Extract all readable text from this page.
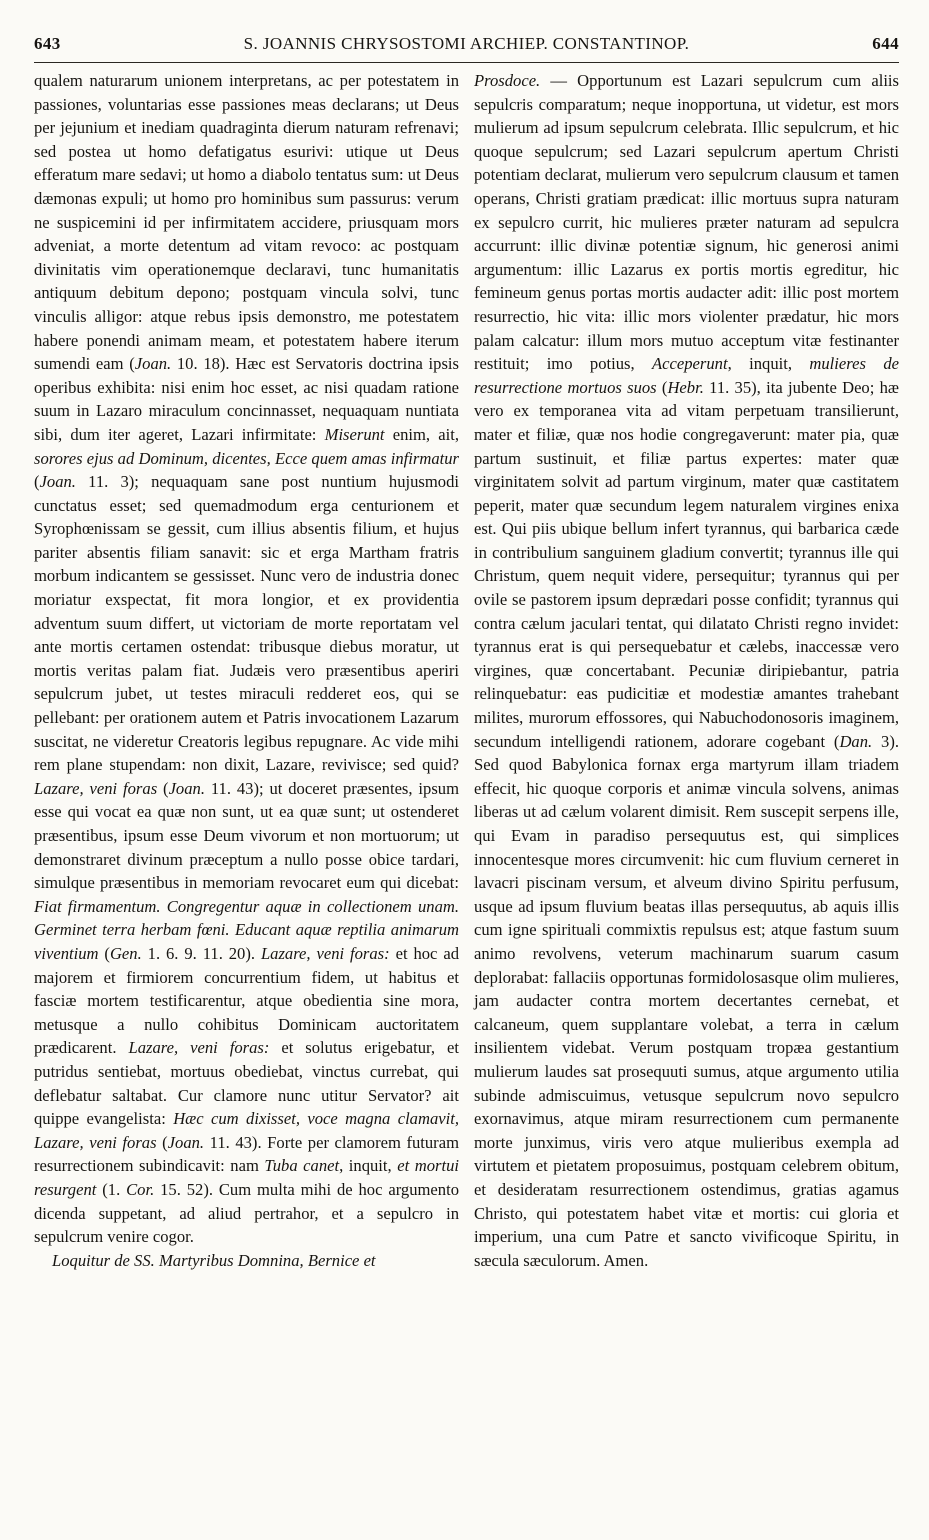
643	S. JOANNIS CHRYSOSTOMI ARCHIEP. CONSTANTINOP.	644

qualem naturarum unionem interpretans, ac per potestatem in passiones, voluntarias esse passiones meas declarans; ut Deus per jejunium et inediam quadraginta dierum naturam refrenavi; sed postea ut homo defatigatus esurivi: utique ut Deus efferatum mare sedavi; ut homo a diabolo tentatus sum: ut Deus dæmonas expuli; ut homo pro hominibus sum passurus: verum ne suspicemini id per infirmitatem accidere, priusquam mors adveniat, a morte detentum ad vitam revoco: ac postquam divinitatis vim operationemque declaravi, tunc humanitatis antiquum debitum depono; postquam vincula solvi, tunc vinculis alligor: atque rebus ipsis demonstro, me potestatem habere ponendi animam meam, et potestatem habere iterum sumendi eam (Joan. 10. 18). Hæc est Servatoris doctrina ipsis operibus exhibita: nisi enim hoc esset, ac nisi quadam ratione suum in Lazaro miraculum concinnasset, nequaquam nuntiata sibi, dum iter ageret, Lazari infirmitate: Miserunt enim, ait, sorores ejus ad Dominum, dicentes, Ecce quem amas infirmatur (Joan. 11. 3); nequaquam sane post nuntium hujusmodi cunctatus esset; sed quemadmodum erga centurionem et Syrophœnissam se gessit, cum illius absentis filium, et hujus pariter absentis filiam sanavit: sic et erga Martham fratris morbum indicantem se gessisset. Nunc vero de industria donec moriatur exspectat, fit mora longior, et ex providentia adventum suum differt, ut victoriam de morte reportatam vel ante mortis certamen ostendat: tribusque diebus moratur, ut mortis veritas palam fiat. Judæis vero præsentibus aperiri sepulcrum jubet, ut testes miraculi redderet eos, qui se pellebant: per orationem autem et Patris invocationem Lazarum suscitat, ne videretur Creatoris legibus repugnare. Ac vide mihi rem plane stupendam: non dixit, Lazare, revivisce; sed quid? Lazare, veni foras (Joan. 11. 43); ut doceret præsentes, ipsum esse qui vocat ea quæ non sunt, ut ea quæ sunt; ut ostenderet præsentibus, ipsum esse Deum vivorum et non mortuorum; ut demonstraret divinum præceptum a nullo posse obice tardari, simulque præsentibus in memoriam revocaret eum qui dicebat: Fiat firmamentum. Congregentur aquæ in collectionem unam. Germinet terra herbam fœni. Educant aquæ reptilia animarum viventium (Gen. 1. 6. 9. 11. 20). Lazare, veni foras: et hoc ad majorem et firmiorem concurrentium fidem, ut habitus et fasciæ mortem testificarentur, atque obedientia sine mora, metusque a nullo cohibitus Dominicam auctoritatem prædicarent. Lazare, veni foras: et solutus erigebatur, et putridus sentiebat, mortuus obediebat, vinctus currebat, qui deflebatur saltabat. Cur clamore nunc utitur Servator? ait quippe evangelista: Hæc cum dixisset, voce magna clamavit, Lazare, veni foras (Joan. 11. 43). Forte per clamorem futuram resurrectionem subindicavit: nam Tuba canet, inquit, et mortui resurgent (1. Cor. 15. 52). Cum multa mihi de hoc argumento dicenda suppetant, ad aliud pertrahor, et a sepulcro in sepulcrum venire cogor.

Loquitur de SS. Martyribus Domnina, Bernice et

Prosdoce. — Opportunum est Lazari sepulcrum cum aliis sepulcris comparatum; neque inopportuna, ut videtur, est mors mulierum ad ipsum sepulcrum celebrata. Illic sepulcrum, et hic quoque sepulcrum; sed Lazari sepulcrum apertum Christi potentiam declarat, mulierum vero sepulcrum clausum et tamen operans, Christi gratiam prædicat: illic mortuus supra naturam ex sepulcro currit, hic mulieres præter naturam ad sepulcra accurrunt: illic divinæ potentiæ signum, hic generosi animi argumentum: illic Lazarus ex portis mortis egreditur, hic femineum genus portas mortis audacter adit: illic post mortem resurrectio, hic vita: illic mors violenter prædatur, hic mors palam calcatur: illum mors mutuo acceptum vitæ festinanter restituit; imo potius, Acceperunt, inquit, mulieres de resurrectione mortuos suos (Hebr. 11. 35), ita jubente Deo; hæ vero ex temporanea vita ad vitam perpetuam transilierunt, mater et filiæ, quæ nos hodie congregaverunt: mater pia, quæ partum sustinuit, et filiæ partus expertes: mater quæ virginitatem solvit ad partum virginum, mater quæ castitatem peperit, mater quæ secundum legem naturalem virgines enixa est. Qui piis ubique bellum infert tyrannus, qui barbarica cæde in contribulium sanguinem gladium convertit; tyrannus ille qui Christum, quem nequit videre, persequitur; tyrannus qui per ovile se pastorem ipsum deprædari posse confidit; tyrannus qui contra cælum jaculari tentat, qui dilatato Christi regno invidet: tyrannus erat is qui persequebatur et cælebs, inaccessæ vero virgines, quæ concertabant. Pecuniæ diripiebantur, patria relinquebatur: eas pudicitiæ et modestiæ amantes trahebant milites, murorum effossores, qui Nabuchodonosoris imaginem, secundum intelligendi rationem, adorare cogebant (Dan. 3). Sed quod Babylonica fornax erga martyrum illam triadem effecit, hic quoque corporis et animæ vincula solvens, animas liberas ut ad cælum volarent dimisit. Rem suscepit serpens ille, qui Evam in paradiso persequutus est, qui simplices innocentesque mores circumvenit: hic cum fluvium cerneret in lavacri piscinam versum, et alveum divino Spiritu perfusum, usque ad ipsum fluvium beatas illas persequutus, ab aquis illis cum igne spirituali commixtis repulsus est; atque fastum suum animo revolvens, veterum machinarum suarum casum deplorabat: fallaciis opportunas formidolosasque olim mulieres, jam audacter contra mortem decertantes cernebat, et calcaneum, quem supplantare volebat, a terra in cælum insilientem videbat. Verum postquam tropæa gestantium mulierum laudes sat prosequuti sumus, atque argumento utilia subinde admiscuimus, vetusque sepulcrum novo sepulcro exornavimus, atque miram resurrectionem cum permanente morte junximus, viris vero atque mulieribus exempla ad virtutem et pietatem proposuimus, postquam celebrem obitum, et desideratam resurrectionem ostendimus, gratias agamus Christo, qui potestatem habet vitæ et mortis: cui gloria et imperium, una cum Patre et sancto vivificoque Spiritu, in sæcula sæculorum. Amen.
